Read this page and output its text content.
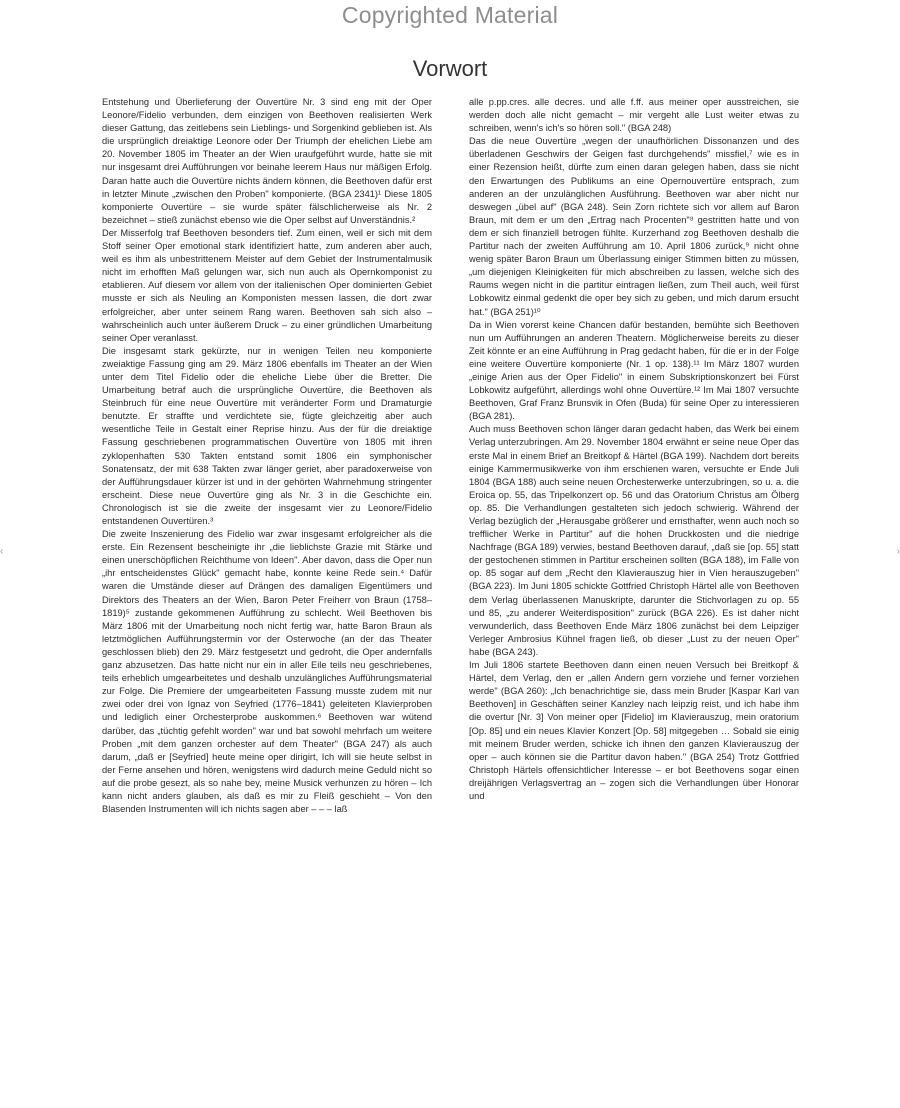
Copyrighted Material
Vorwort
‹	›

Entstehung und Überlieferung der Ouvertüre Nr. 3 sind eng mit der Oper Leonore/Fidelio verbunden, dem einzigen von Beethoven realisierten Werk dieser Gattung, das zeitlebens sein Lieblings- und Sorgenkind geblieben ist. Als die ursprünglich dreiaktige Leonore oder Der Triumph der ehelichen Liebe am 20. November 1805 im Theater an der Wien uraufgeführt wurde, hatte sie mit nur insgesamt drei Aufführungen vor beinahe leerem Haus nur mäßigen Erfolg. Daran hatte auch die Ouvertüre nichts ändern können, die Beethoven dafür erst in letzter Minute „zwischen den Proben" komponierte. (BGA 2341)¹ Diese 1805 komponierte Ouvertüre – sie wurde später fälschlicherweise als Nr. 2 bezeichnet – stieß zunächst ebenso wie die Oper selbst auf Unverständnis.²

Der Misserfolg traf Beethoven besonders tief. Zum einen, weil er sich mit dem Stoff seiner Oper emotional stark identifiziert hatte, zum anderen aber auch, weil es ihm als unbestrittenem Meister auf dem Gebiet der Instrumentalmusik nicht im erhofften Maß gelungen war, sich nun auch als Opernkomponist zu etablieren. Auf diesem vor allem von der italienischen Oper dominierten Gebiet musste er sich als Neuling an Komponisten messen lassen, die dort zwar erfolgreicher, aber unter seinem Rang waren. Beethoven sah sich also – wahrscheinlich auch unter äußerem Druck – zu einer gründlichen Umarbeitung seiner Oper veranlasst.

Die insgesamt stark gekürzte, nur in wenigen Teilen neu komponierte zweiaktige Fassung ging am 29. März 1806 ebenfalls im Theater an der Wien unter dem Titel Fidelio oder die eheliche Liebe über die Bretter. Die Umarbeitung betraf auch die ursprüngliche Ouvertüre, die Beethoven als Steinbruch für eine neue Ouvertüre mit veränderter Form und Dramaturgie benutzte. Er straffte und verdichtete sie, fügte gleichzeitig aber auch wesentliche Teile in Gestalt einer Reprise hinzu. Aus der für die dreiaktige Fassung geschriebenen programmatischen Ouvertüre von 1805 mit ihren zyklopenhaften 530 Takten entstand somit 1806 ein symphonischer Sonatensatz, der mit 638 Takten zwar länger geriet, aber paradoxerweise von der Aufführungsdauer kürzer ist und in der gehörten Wahrnehmung stringenter erscheint. Diese neue Ouvertüre ging als Nr. 3 in die Geschichte ein. Chronologisch ist sie die zweite der insgesamt vier zu Leonore/Fidelio entstandenen Ouvertüren.³

Die zweite Inszenierung des Fidelio war zwar insgesamt erfolgreicher als die erste. Ein Rezensent bescheinigte ihr „die lieblichste Grazie mit Stärke und einen unerschöpflichen Reichthume von Ideen". Aber davon, dass die Oper nun „ihr entscheidenstes Glück" gemacht habe, konnte keine Rede sein.⁴ Dafür waren die Umstände dieser auf Drängen des damaligen Eigentümers und Direktors des Theaters an der Wien, Baron Peter Freiherr von Braun (1758–1819)⁵ zustande gekommenen Aufführung zu schlecht. Weil Beethoven bis März 1806 mit der Umarbeitung noch nicht fertig war, hatte Baron Braun als letztmöglichen Aufführungstermin vor der Osterwoche (an der das Theater geschlossen blieb) den 29. März festgesetzt und gedroht, die Oper andernfalls ganz abzusetzen. Das hatte nicht nur ein in aller Eile teils neu geschriebenes, teils erheblich umgearbeitetes und deshalb unzulängliches Aufführungsmaterial zur Folge. Die Premiere der umgearbeiteten Fassung musste zudem mit nur zwei oder drei von Ignaz von Seyfried (1776–1841) geleiteten Klavierproben und lediglich einer Orchesterprobe auskommen.⁶ Beethoven war wütend darüber, das „tüchtig gefehlt worden" war und bat sowohl mehrfach um weitere Proben „mit dem ganzen orchester auf dem Theater" (BGA 247) als auch darum, „daß er [Seyfried] heute meine oper dirigirt, Ich will sie heute selbst in der Ferne ansehen und hören, wenigstens wird dadurch meine Geduld nicht so auf die probe gesezt, als so nahe bey, meine Musick verhunzen zu hören – Ich kann nicht anders glauben, als daß es mir zu Fleiß geschieht – Von den Blasenden Instrumenten will ich nichts sagen aber – – – laß

alle p.pp.cres. alle decres. und alle f.ff. aus meiner oper ausstreichen, sie werden doch alle nicht gemacht – mir vergeht alle Lust weiter etwas zu schreiben, wenn's ich's so hören soll." (BGA 248)

Das die neue Ouvertüre „wegen der unaufhörlichen Dissonanzen und des überladenen Geschwirs der Geigen fast durchgehends" missfiel,⁷ wie es in einer Rezension heißt, dürfte zum einen daran gelegen haben, dass sie nicht den Erwartungen des Publikums an eine Opernouvertüre entsprach, zum anderen an der unzulänglichen Ausführung. Beethoven war aber nicht nur deswegen „übel auf" (BGA 248). Sein Zorn richtete sich vor allem auf Baron Braun, mit dem er um den „Ertrag nach Procenten"⁸ gestritten hatte und von dem er sich finanziell betrogen fühlte. Kurzerhand zog Beethoven deshalb die Partitur nach der zweiten Aufführung am 10. April 1806 zurück,⁹ nicht ohne wenig später Baron Braun um Überlassung einiger Stimmen bitten zu müssen, „um diejenigen Kleinigkeiten für mich abschreiben zu lassen, welche sich des Raums wegen nicht in die partitur eintragen ließen, zum Theil auch, weil fürst Lobkowitz einmal gedenkt die oper bey sich zu geben, und mich darum ersucht hat." (BGA 251)¹⁰

Da in Wien vorerst keine Chancen dafür bestanden, bemühte sich Beethoven nun um Aufführungen an anderen Theatern. Möglicherweise bereits zu dieser Zeit könnte er an eine Aufführung in Prag gedacht haben, für die er in der Folge eine weitere Ouvertüre komponierte (Nr. 1 op. 138).¹¹ Im März 1807 wurden „einige Arien aus der Oper Fidelio" in einem Subskriptionskonzert bei Fürst Lobkowitz aufgeführt, allerdings wohl ohne Ouvertüre.¹² Im Mai 1807 versuchte Beethoven, Graf Franz Brunsvik in Ofen (Buda) für seine Oper zu interessieren (BGA 281).

Auch muss Beethoven schon länger daran gedacht haben, das Werk bei einem Verlag unterzubringen. Am 29. November 1804 erwähnt er seine neue Oper das erste Mal in einem Brief an Breitkopf & Härtel (BGA 199). Nachdem dort bereits einige Kammermusikwerke von ihm erschienen waren, versuchte er Ende Juli 1804 (BGA 188) auch seine neuen Orchesterwerke unterzubringen, so u. a. die Eroica op. 55, das Tripelkonzert op. 56 und das Oratorium Christus am Ölberg op. 85. Die Verhandlungen gestalteten sich jedoch schwierig. Während der Verlag bezüglich der „Herausgabe größerer und ernsthafter, wenn auch noch so trefflicher Werke in Partitur" auf die hohen Druckkosten und die niedrige Nachfrage (BGA 189) verwies, bestand Beethoven darauf, „daß sie [op. 55] statt der gestochenen stimmen in Partitur erscheinen sollten (BGA 188), im Falle von op. 85 sogar auf dem „Recht den Klavierauszug hier in Vien herauszugeben" (BGA 223). Im Juni 1805 schickte Gottfried Christoph Härtel alle von Beethoven dem Verlag überlassenen Manuskripte, darunter die Stichvorlagen zu op. 55 und 85, „zu anderer Weiterdisposition" zurück (BGA 226). Es ist daher nicht verwunderlich, dass Beethoven Ende März 1806 zunächst bei dem Leipziger Verleger Ambrosius Kühnel fragen ließ, ob dieser „Lust zu der neuen Oper" habe (BGA 243).

Im Juli 1806 startete Beethoven dann einen neuen Versuch bei Breitkopf & Härtel, dem Verlag, den er „allen Andern gern vorziehe und ferner vorziehen werde" (BGA 260): „Ich benachrichtige sie, dass mein Bruder [Kaspar Karl van Beethoven] in Geschäften seiner Kanzley nach leipzig reist, und ich habe ihm die overtur [Nr. 3] Von meiner oper [Fidelio] im Klavierauszug, mein oratorium [Op. 85] und ein neues Klavier Konzert [Op. 58] mitgegeben … Sobald sie einig mit meinem Bruder werden, schicke ich ihnen den ganzen Klavierauszug der oper – auch können sie die Partitur davon haben." (BGA 254) Trotz Gottfried Christoph Härtels offensichtlicher Interesse – er bot Beethovens sogar einen dreijährigen Verlagsvertrag an – zogen sich die Verhandlungen über Honorar und
